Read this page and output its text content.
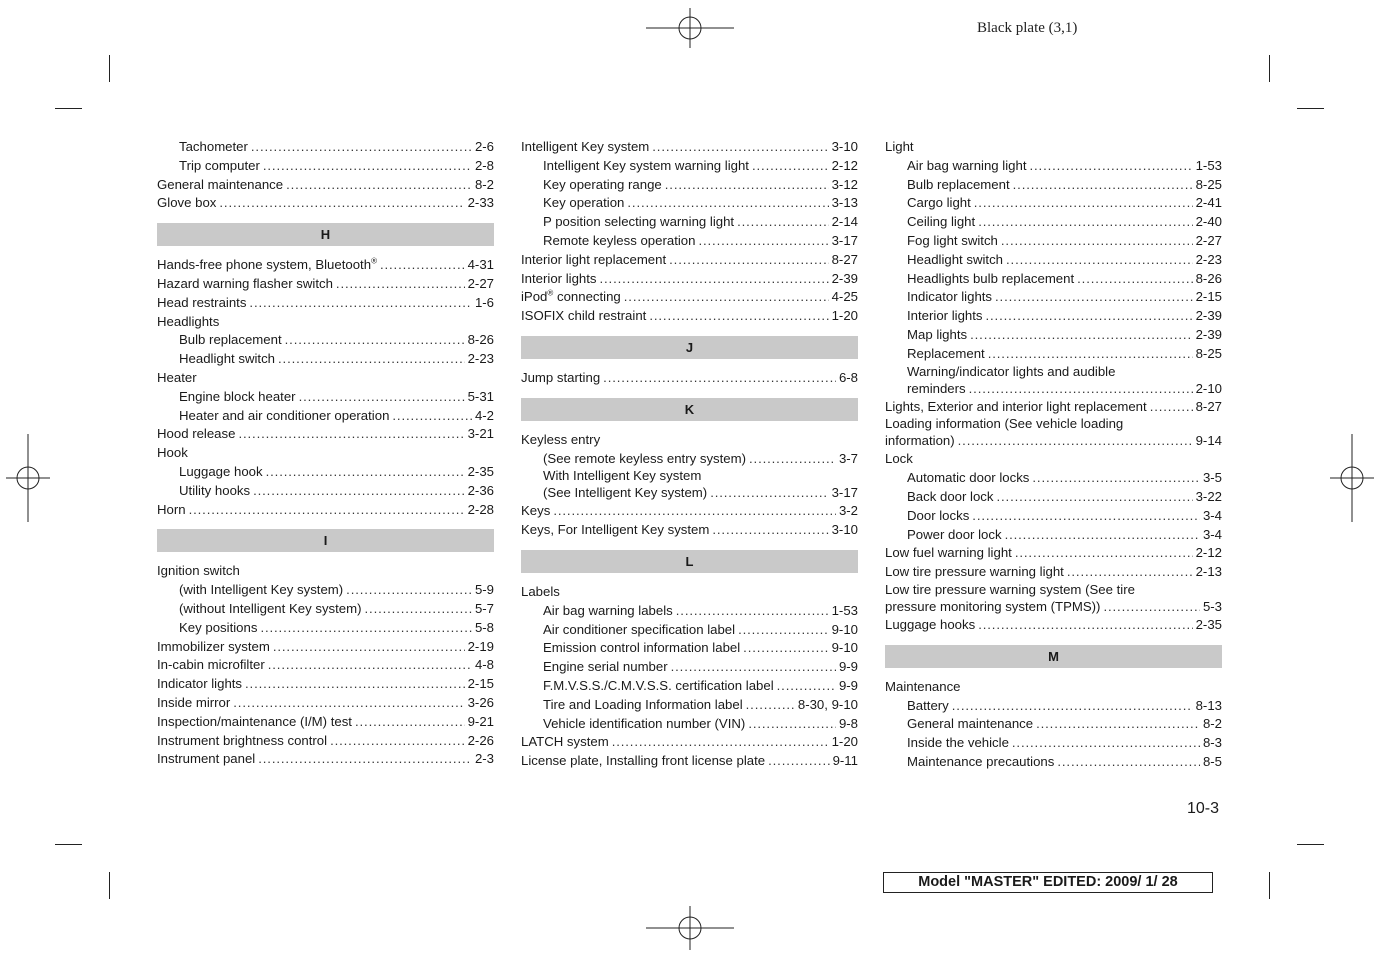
Black plate (3,1)
Tachometer . . .	2-6
Trip computer . . .	2-8
General maintenance . . .	8-2
Glove box . . .	2-33
H
Hands-free phone system, Bluetooth® . . .	4-31
Hazard warning flasher switch . . .	2-27
Head restraints . . .	1-6
Headlights
Bulb replacement . . .	8-26
Headlight switch . . .	2-23
Heater
Engine block heater . . .	5-31
Heater and air conditioner operation . . .	4-2
Hood release . . .	3-21
Hook
Luggage hook . . .	2-35
Utility hooks . . .	2-36
Horn . . .	2-28
I
Ignition switch
(with Intelligent Key system) . . .	5-9
(without Intelligent Key system) . . .	5-7
Key positions . . .	5-8
Immobilizer system . . .	2-19
In-cabin microfilter . . .	4-8
Indicator lights . . .	2-15
Inside mirror . . .	3-26
Inspection/maintenance (I/M) test . . .	9-21
Instrument brightness control . . .	2-26
Instrument panel . . .	2-3
Intelligent Key system . . .	3-10
Intelligent Key system warning light . . .	2-12
Key operating range . . .	3-12
Key operation . . .	3-13
P position selecting warning light . . .	2-14
Remote keyless operation . . .	3-17
Interior light replacement . . .	8-27
Interior lights . . .	2-39
iPod® connecting . . .	4-25
ISOFIX child restraint . . .	1-20
J
Jump starting . . .	6-8
K
Keyless entry
(See remote keyless entry system) . . .	3-7
With Intelligent Key system
(See Intelligent Key system) . . .	3-17
Keys . . .	3-2
Keys, For Intelligent Key system . . .	3-10
L
Labels
Air bag warning labels . . .	1-53
Air conditioner specification label . . .	9-10
Emission control information label . . .	9-10
Engine serial number . . .	9-9
F.M.V.S.S./C.M.V.S.S. certification label . . .	9-9
Tire and Loading Information label . . .	8-30, 9-10
Vehicle identification number (VIN) . . .	9-8
LATCH system . . .	1-20
License plate, Installing front license plate . . .	9-11
Light
Air bag warning light . . .	1-53
Bulb replacement . . .	8-25
Cargo light . . .	2-41
Ceiling light . . .	2-40
Fog light switch . . .	2-27
Headlight switch . . .	2-23
Headlights bulb replacement . . .	8-26
Indicator lights . . .	2-15
Interior lights . . .	2-39
Map lights . . .	2-39
Replacement . . .	8-25
Warning/indicator lights and audible
reminders . . .	2-10
Lights, Exterior and interior light replacement . . .	8-27
Loading information (See vehicle loading
information) . . .	9-14
Lock
Automatic door locks . . .	3-5
Back door lock . . .	3-22
Door locks . . .	3-4
Power door lock . . .	3-4
Low fuel warning light . . .	2-12
Low tire pressure warning light . . .	2-13
Low tire pressure warning system (See tire
pressure monitoring system (TPMS)) . . .	5-3
Luggage hooks . . .	2-35
M
Maintenance
Battery . . .	8-13
General maintenance . . .	8-2
Inside the vehicle . . .	8-3
Maintenance precautions . . .	8-5
10-3
Model "MASTER" EDITED: 2009/ 1/ 28
